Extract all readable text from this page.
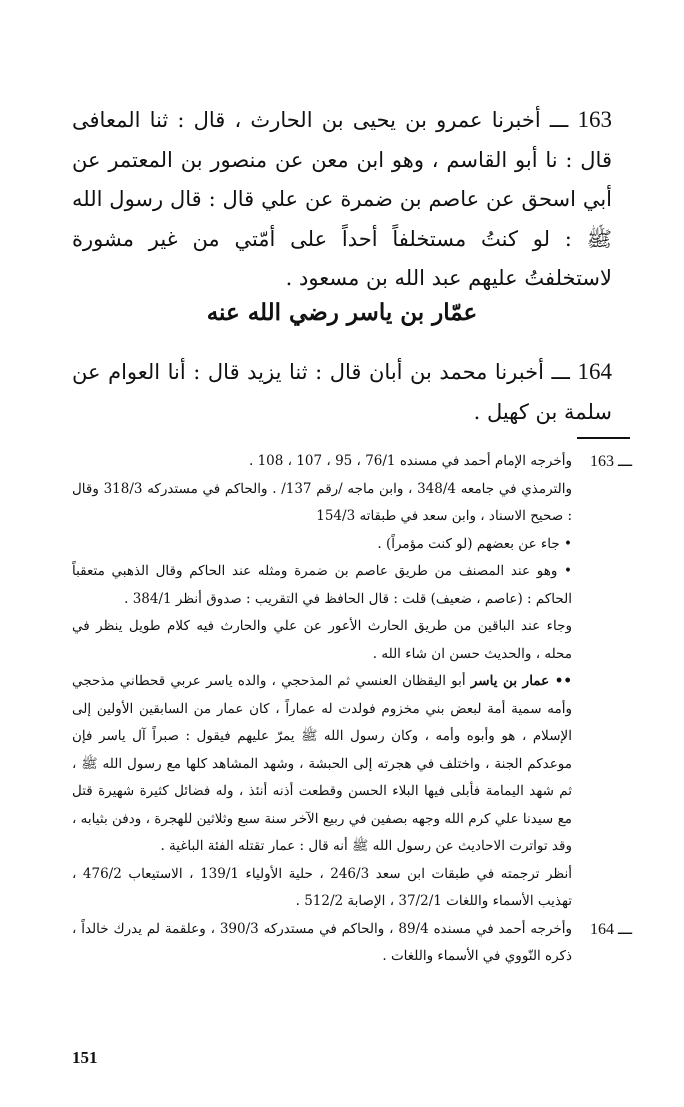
163 ـــ أخبرنا عمرو بن يحيى بن الحارث ، قال : ثنا المعافى قال : نا أبو القاسم ، وهو ابن معن عن منصور بن المعتمر عن أبي اسحق عن عاصم بن ضمرة عن علي قال : قال رسول الله ﷺ : لو كنتُ مستخلفاً أحداً على أمّتي من غير مشورة لاستخلفتُ عليهم عبد الله بن مسعود .

عمّار بن ياسر رضي الله عنه

164 ـــ أخبرنا محمد بن أبان قال : ثنا يزيد قال : أنا العوام عن سلمة بن كهيل .

163 ـــ

وأخرجه الإمام أحمد في مسنده 76/1 ، 95 ، 107 ، 108 .

والترمذي في جامعه 348/4 ، وابن ماجه /رقم 137/ . والحاكم في مستدركه 318/3 وقال : صحيح الاسناد ، وابن سعد في طبقاته 154/3

• جاء عن بعضهم (لو كنت مؤمراً) .

• وهو عند المصنف من طريق عاصم بن ضمرة ومثله عند الحاكم وقال الذهبي متعقباً الحاكم : (عاصم ، ضعيف) قلت : قال الحافظ في التقريب : صدوق أنظر 384/1 .

وجاء عند الباقين من طريق الحارث الأعور عن علي والحارث فيه كلام طويل ينظر في محله ، والحديث حسن ان شاء الله .

•• عمار بن ياسر أبو اليقظان العنسي ثم المذحجي ، والده ياسر عربي قحطاني مذحجي وأمه سمية أمة لبعض بني مخزوم فولدت له عماراً ، كان عمار من السابقين الأولين إلى الإسلام ، هو وأبوه وأمه ، وكان رسول الله ﷺ يمرّ عليهم فيقول : صبراً آل ياسر فإن موعدكم الجنة ، واختلف في هجرته إلى الحبشة ، وشهد المشاهد كلها مع رسول الله ﷺ ، ثم شهد اليمامة فأبلى فيها البلاء الحسن وقطعت أذنه أنئذ ، وله فضائل كثيرة شهيرة قتل مع سيدنا علي كرم الله وجهه بصفين في ربيع الآخر سنة سبع وثلاثين للهجرة ، ودفن بثيابه ، وقد تواترت الاحاديث عن رسول الله ﷺ أنه قال : عمار تقتله الفئة الباغية .

أنظر ترجمته في طبقات ابن سعد 246/3 ، حلية الأولياء 139/1 ، الاستيعاب 476/2 ، تهذيب الأسماء واللغات 37/2/1 ، الإصابة 512/2 .

164 ـــ

وأخرجه أحمد في مسنده 89/4 ، والحاكم في مستدركه 390/3 ، وعلقمة لم يدرك خالداً ، ذكره النّووي في الأسماء واللغات .

151
